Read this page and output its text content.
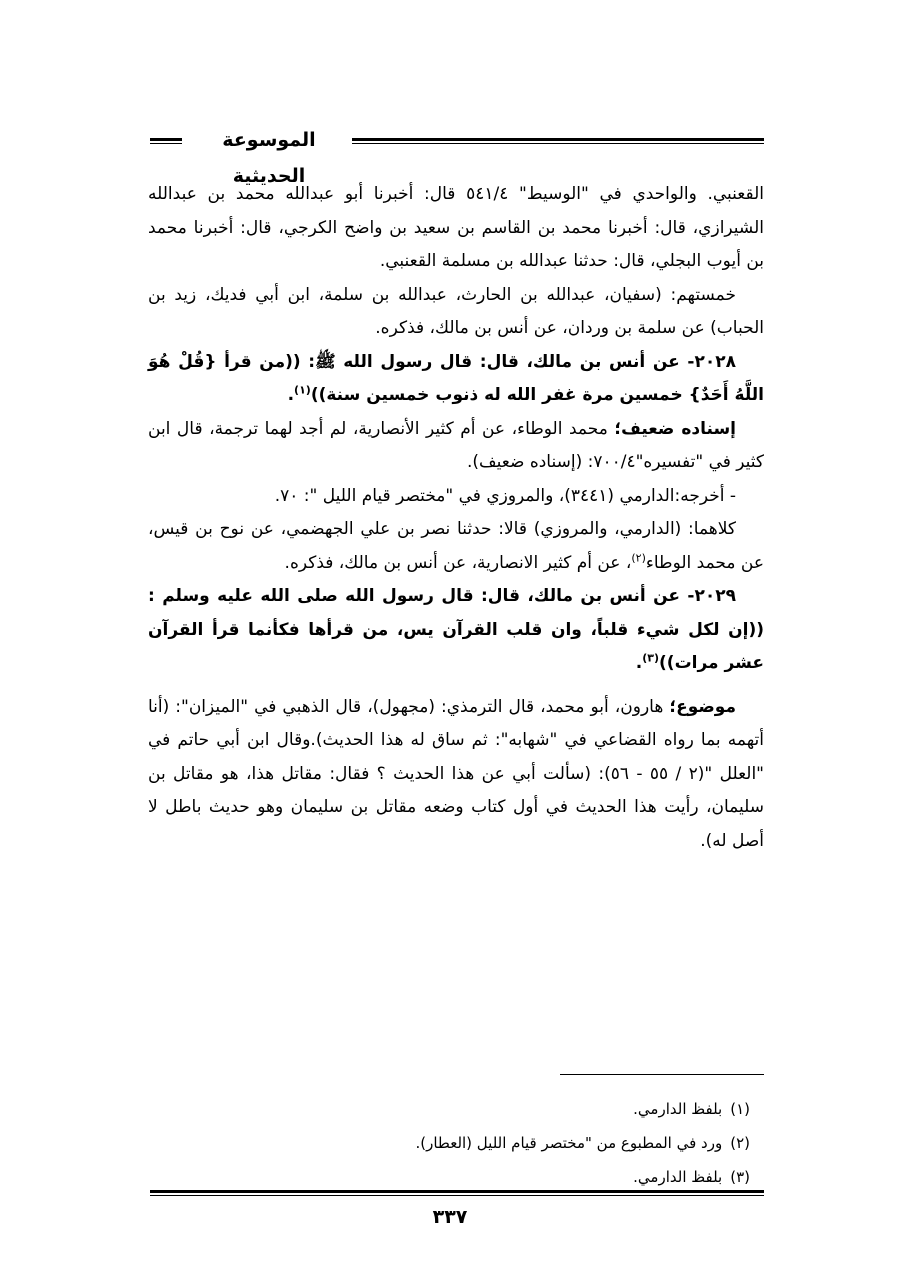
الموسوعة الحديثية

القعنبي. والواحدي في "الوسيط" ٥٤١/٤ قال: أخبرنا أبو عبدالله محمد بن عبدالله الشيرازي، قال: أخبرنا محمد بن القاسم بن سعيد بن واضح الكرجي، قال: أخبرنا محمد بن أيوب البجلي، قال: حدثنا عبدالله بن مسلمة القعنبي.

خمستهم: (سفيان، عبدالله بن الحارث، عبدالله بن سلمة، ابن أبي فديك، زيد بن الحباب) عن سلمة بن وردان، عن أنس بن مالك، فذكره.

٢٠٢٨- عن أنس بن مالك، قال: قال رسول الله ﷺ: ((من قرأ {قُلْ هُوَ اللَّهُ أَحَدٌ} خمسين مرة غفر الله له ذنوب خمسين سنة))$^{(١)}$.

إسناده ضعيف؛ محمد الوطاء، عن أم كثير الأنصارية، لم أجد لهما ترجمة، قال ابن كثير في "تفسيره"٧٠٠/٤: (إسناده ضعيف).

- أخرجه:الدارمي (٣٤٤١)، والمروزي في "مختصر قيام الليل ": ٧٠.

كلاهما: (الدارمي، والمروزي) قالا: حدثنا نصر بن علي الجهضمي، عن نوح بن قيس، عن محمد الوطاء$^{(٢)}$، عن أم كثير الانصارية، عن أنس بن مالك، فذكره.

٢٠٢٩- عن أنس بن مالك، قال: قال رسول الله صلى الله عليه وسلم : ((إن لكل شيء قلباً، وان قلب القرآن يس، من قرأها فكأنما قرأ القرآن عشر مرات))$^{(٣)}$.

موضوع؛ هارون، أبو محمد، قال الترمذي: (مجهول)، قال الذهبي في "الميزان": (أنا أتهمه بما رواه القضاعي في "شهابه": ثم ساق له هذا الحديث).وقال ابن أبي حاتم في "العلل "(٢ / ٥٥ - ٥٦): (سألت أبي عن هذا الحديث ؟ فقال: مقاتل هذا، هو مقاتل بن سليمان، رأيت هذا الحديث في أول كتاب وضعه مقاتل بن سليمان وهو حديث باطل لا أصل له).

(١)بلفظ الدارمي.
(٢)ورد في المطبوع من "مختصر قيام الليل (العطار).
(٣)بلفظ الدارمي.
٣٣٧
